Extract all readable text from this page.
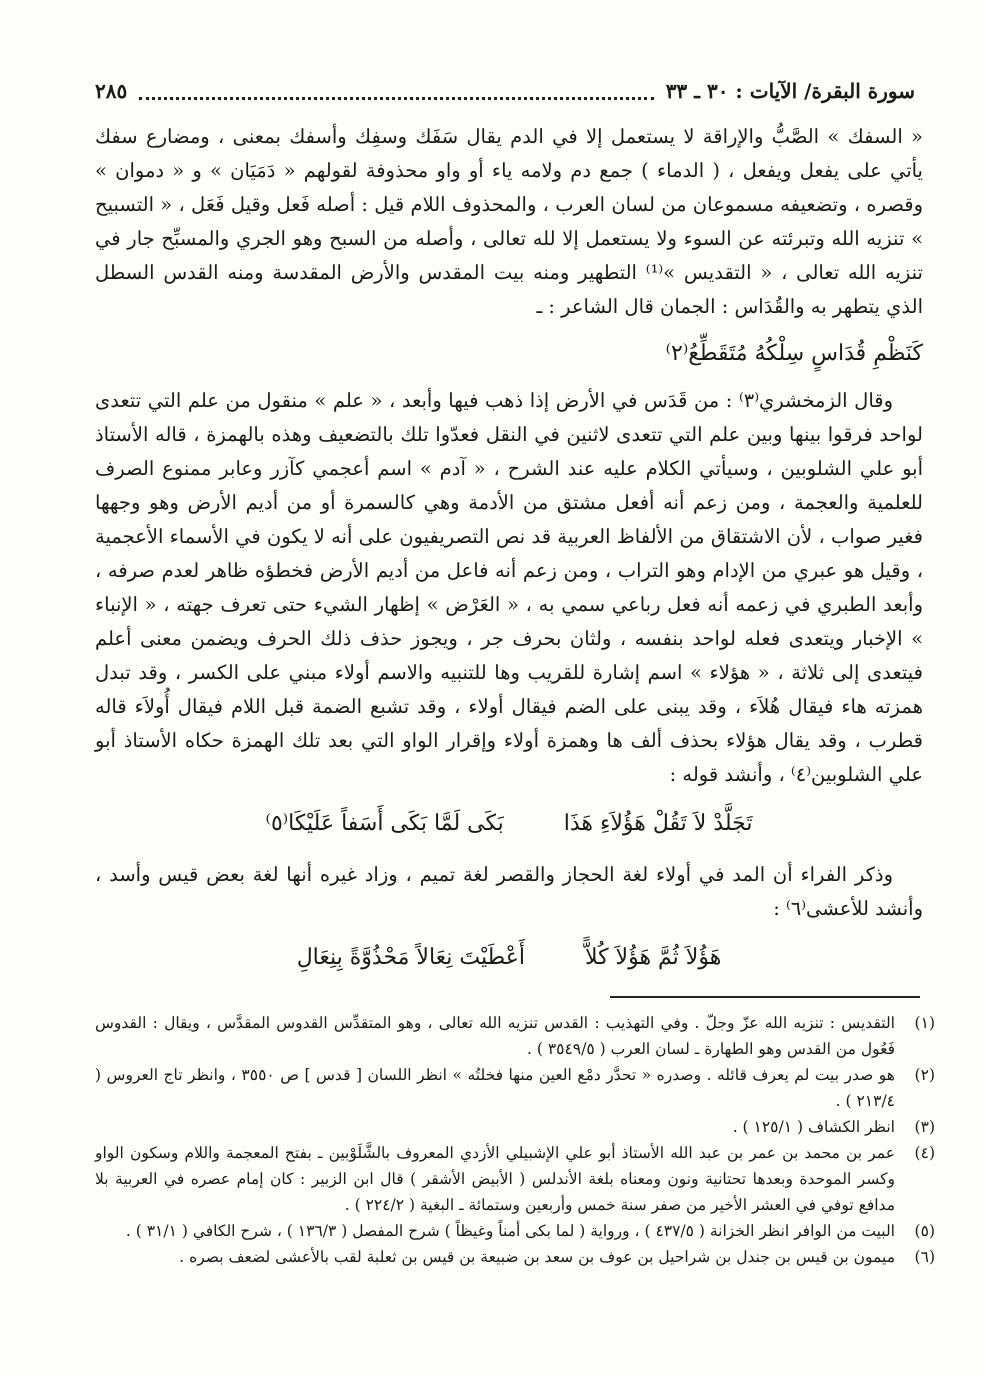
٢٨٥	سورة البقرة/ الآيات : ٣٠ ـ ٣٣

« السفك » الصَّبُّ والإراقة لا يستعمل إلا في الدم يقال سَفَك وسفِك وأسفك بمعنى ، ومضارع سفك يأتي على يفعل ويفعل ، ( الدماء ) جمع دم ولامه ياء أو واو محذوفة لقولهم « دَمَيَان » و « دموان » وقصره ، وتضعيفه مسموعان من لسان العرب ، والمحذوف اللام قيل : أصله فَعل وقيل فَعَل ، « التسبيح » تنزيه الله وتبرئته عن السوء ولا يستعمل إلا لله تعالى ، وأصله من السبح وهو الجري والمسبِّح جار في تنزيه الله تعالى ، « التقديس »⁽¹⁾ التطهير ومنه بيت المقدس والأرض المقدسة ومنه القدس السطل الذي يتطهر به والقُدَاس : الجمان قال الشاعر : ـ

كَنَظْمِ قُدَاسٍ سِلْكُهُ مُتَقَطِّعُ⁽٢⁾

وقال الزمخشري⁽٣⁾ : من قَدَس في الأرض إذا ذهب فيها وأبعد ، « علم » منقول من علم التي تتعدى لواحد فرقوا بينها وبين علم التي تتعدى لاثنين في النقل فعدّوا تلك بالتضعيف وهذه بالهمزة ، قاله الأستاذ أبو علي الشلوبين ، وسيأتي الكلام عليه عند الشرح ، « آدم » اسم أعجمي كآزر وعابر ممنوع الصرف للعلمية والعجمة ، ومن زعم أنه أفعل مشتق من الأدمة وهي كالسمرة أو من أديم الأرض وهو وجهها فغير صواب ، لأن الاشتقاق من الألفاظ العربية قد نص التصريفيون على أنه لا يكون في الأسماء الأعجمية ، وقيل هو عبري من الإدام وهو التراب ، ومن زعم أنه فاعل من أديم الأرض فخطؤه ظاهر لعدم صرفه ، وأبعد الطبري في زعمه أنه فعل رباعي سمي به ، « العَرْض » إظهار الشيء حتى تعرف جهته ، « الإنباء » الإخبار ويتعدى فعله لواحد بنفسه ، ولثان بحرف جر ، ويجوز حذف ذلك الحرف ويضمن معنى أعلم فيتعدى إلى ثلاثة ، « هؤلاء » اسم إشارة للقريب وها للتنبيه والاسم أولاء مبني على الكسر ، وقد تبدل همزته هاء فيقال هُلاَء ، وقد يبنى على الضم فيقال أولاء ، وقد تشبع الضمة قبل اللام فيقال أُولاَء قاله قطرب ، وقد يقال هؤلاء بحذف ألف ها وهمزة أولاء وإقرار الواو التي بعد تلك الهمزة حكاه الأستاذ أبو علي الشلوبين⁽٤⁾ ، وأنشد قوله :

تَجَلَّدْ لاَ تَقُلْ هَؤُلاَءِ هَذَا
بَكَى لَمَّا بَكَى أَسَفاً عَلَيْكَا⁽٥⁾

وذكر الفراء أن المد في أولاء لغة الحجاز والقصر لغة تميم ، وزاد غيره أنها لغة بعض قيس وأسد ، وأنشد للأعشى⁽٦⁾ :

هَؤُلاَ ثُمَّ هَؤُلاَ كُلاًّ
أَعْطَيْتَ نِعَالاً مَحْذُوَّةً بِنِعَالِ
(١)
التقديس : تنزيه الله عزّ وجلّ . وفي التهذيب : القدس تنزيه الله تعالى ، وهو المتقدِّس القدوس المقدَّس ، ويقال : القدوس فَعُول من القدس وهو الطهارة ـ لسان العرب ( ٣٥٤٩/٥ ) .
(٢)
هو صدر بيت لم يعرف قائله . وصدره « تحدَّر دمْع العين منها فخلتُه » انظر اللسان [ قدس ] ص ٣٥٥٠ ، وانظر تاج العروس ( ٢١٣/٤ ) .
(٣)
انظر الكشاف ( ١٢٥/١ ) .
(٤)
عمر بن محمد بن عمر بن عبد الله الأستاذ أبو علي الإشبيلي الأزدي المعروف بالشَّلَوْبين ـ بفتح المعجمة واللام وسكون الواو وكسر الموحدة وبعدها تحتانية ونون ومعناه بلغة الأندلس ( الأبيض الأشقر ) قال ابن الزبير : كان إمام عصره في العربية بلا مدافع توفي في العشر الأخير من صفر سنة خمس وأربعين وستمائة ـ البغية ( ٢٢٤/٢ ) .
(٥)
البيت من الوافر انظر الخزانة ( ٤٣٧/٥ ) ، ورواية ( لما بكى أمناً وغيظاً ) شرح المفصل ( ١٣٦/٣ ) ، شرح الكافي ( ٣١/١ ) .
(٦)
ميمون بن قيس بن جندل بن شراحيل بن عوف بن سعد بن ضبيعة بن قيس بن ثعلبة لقب بالأعشى لضعف بصره .
